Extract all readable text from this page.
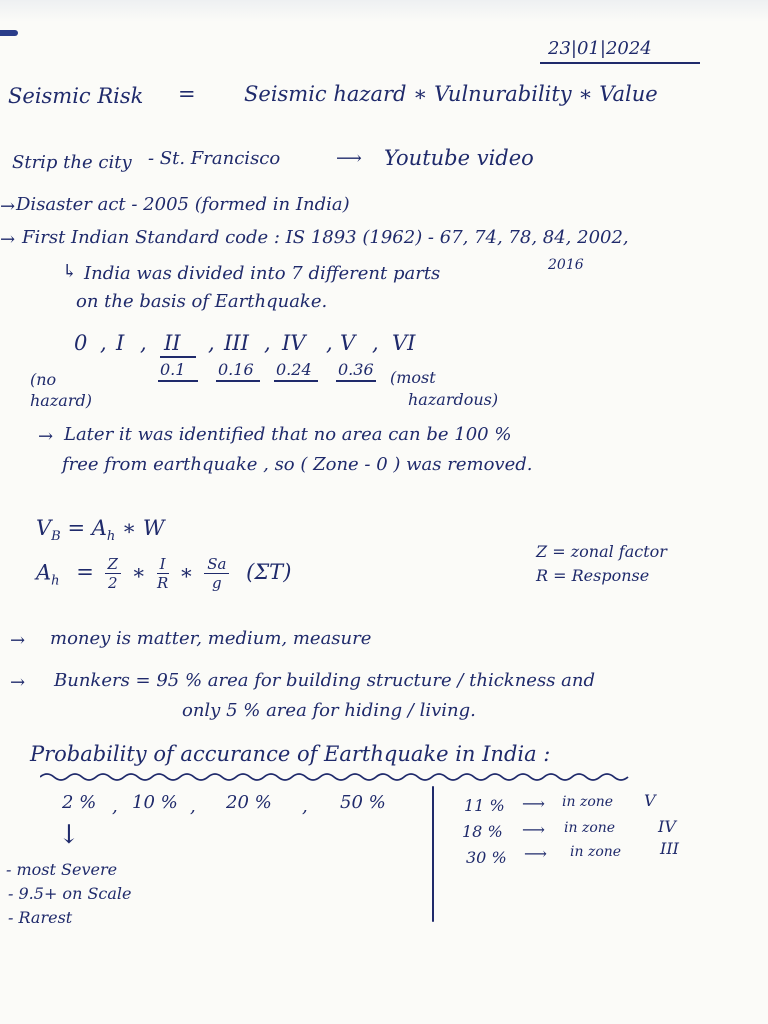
23|01|2024
Seismic Risk = Seismic hazard ∗ Vulnurability ∗ Value
Strip the city - St. Francisco	⟶ Youtube video
→ Disaster act - 2005 (formed in India)
→ First Indian Standard code : IS 1893 (1962) - 67, 74, 78, 84, 2002,
2016
↳ India was divided into 7 different parts
on the basis of Earthquake.
0 , I , II , III , IV , V , VI
0.1 0.16 0.24 0.36
(no
hazard)
(most
hazardous)
→ Later it was identified that no area can be 100 %
free from earthquake , so ( Zone - 0 ) was removed.
$V_B = A_h$ ∗ W
$A_h = \frac{Z}{2}$ ∗ $\frac{I}{R}$ ∗ $\frac{Sa}{g} (\Sigma T)$
Z = zonal factor
R = Response
→ money is matter, medium, measure
→ Bunkers = 95 % area for building structure / thickness and
only 5 % area for hiding / living.
Probability of accurance of Earthquake in India :
2 % , 10 % , 20 % , 50 %
↓
- most Severe
- 9.5+ on Scale
- Rarest
11 % ⟶ in zone V
18 % ⟶ in zone	IV
30 % ⟶ in zone III
